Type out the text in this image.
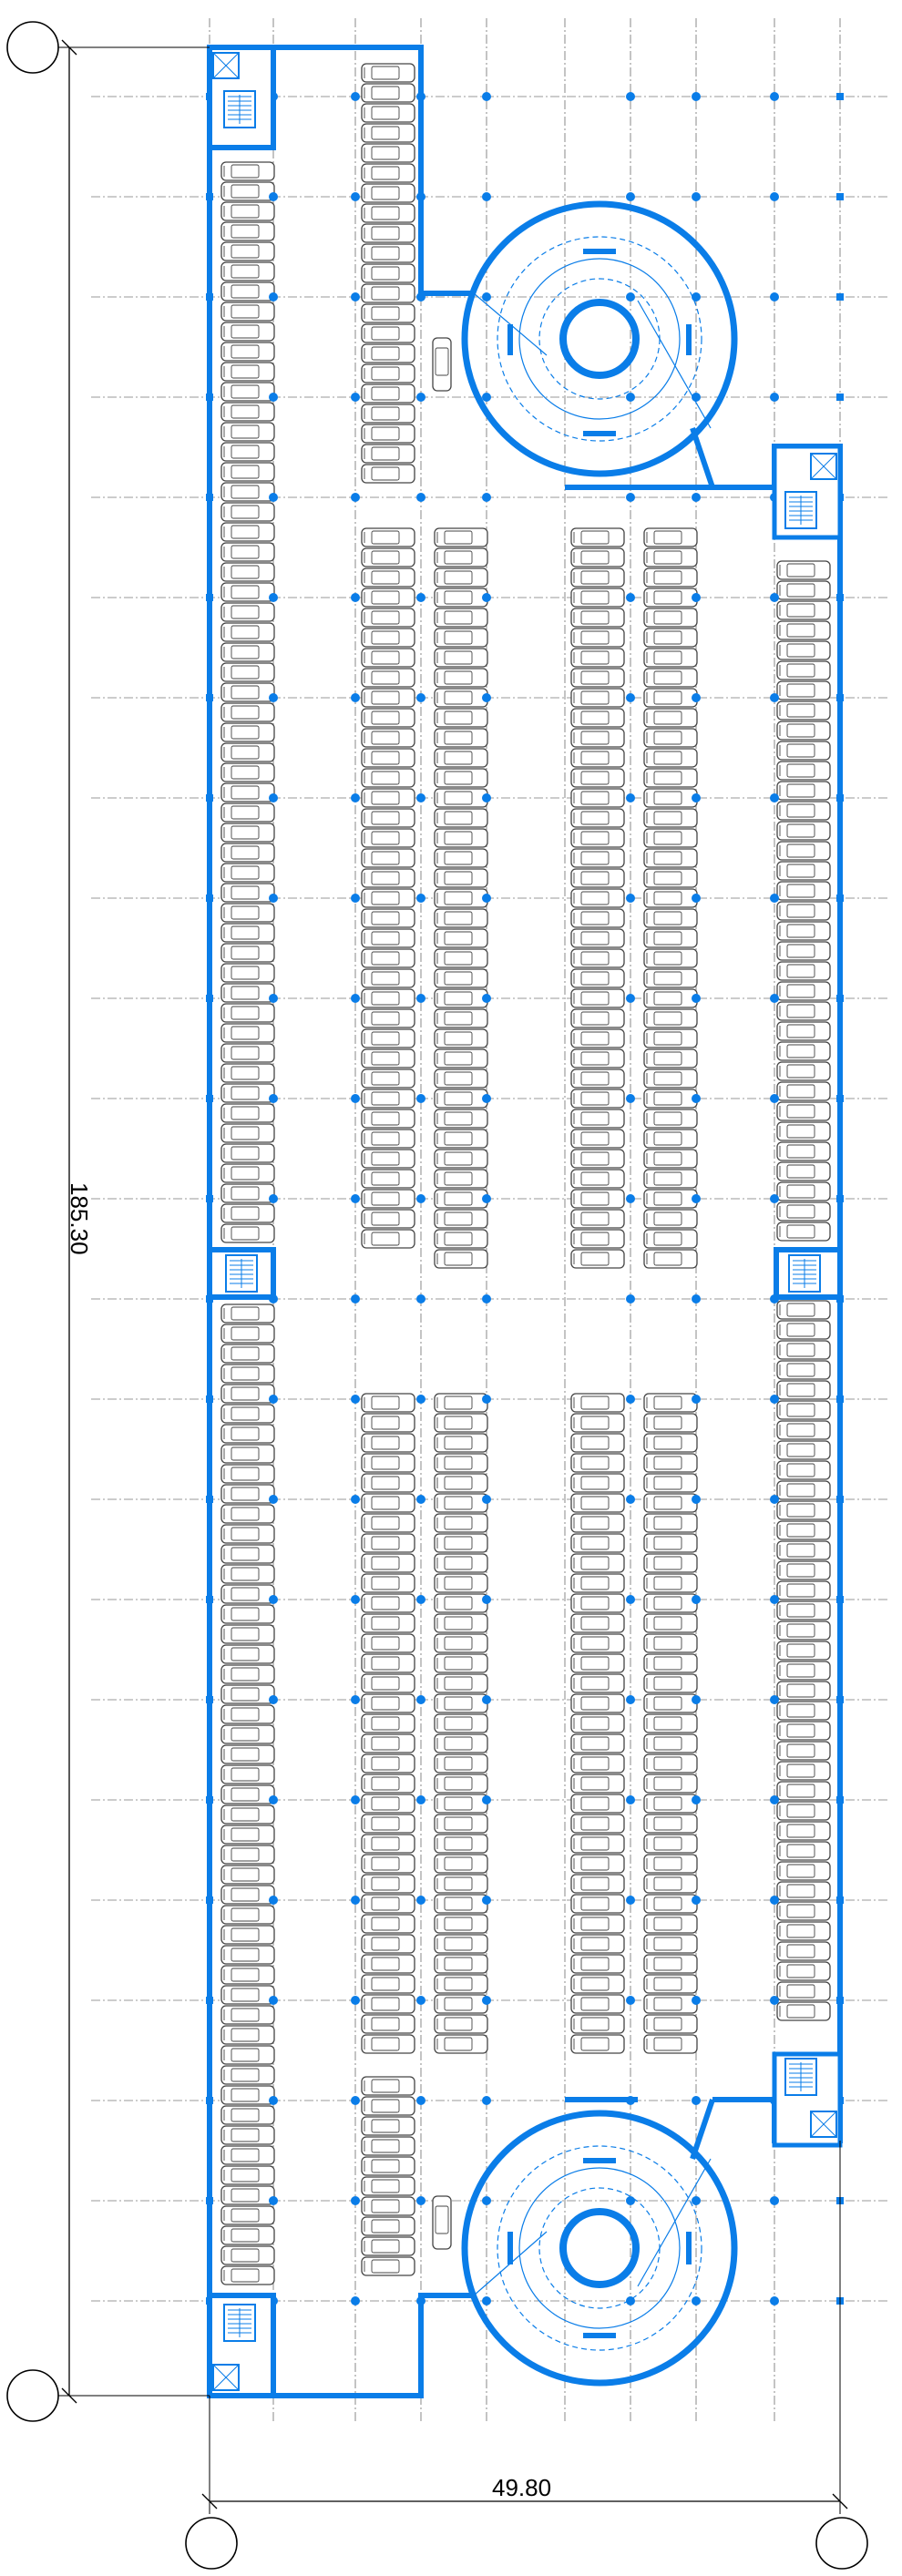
185.30
49.80
